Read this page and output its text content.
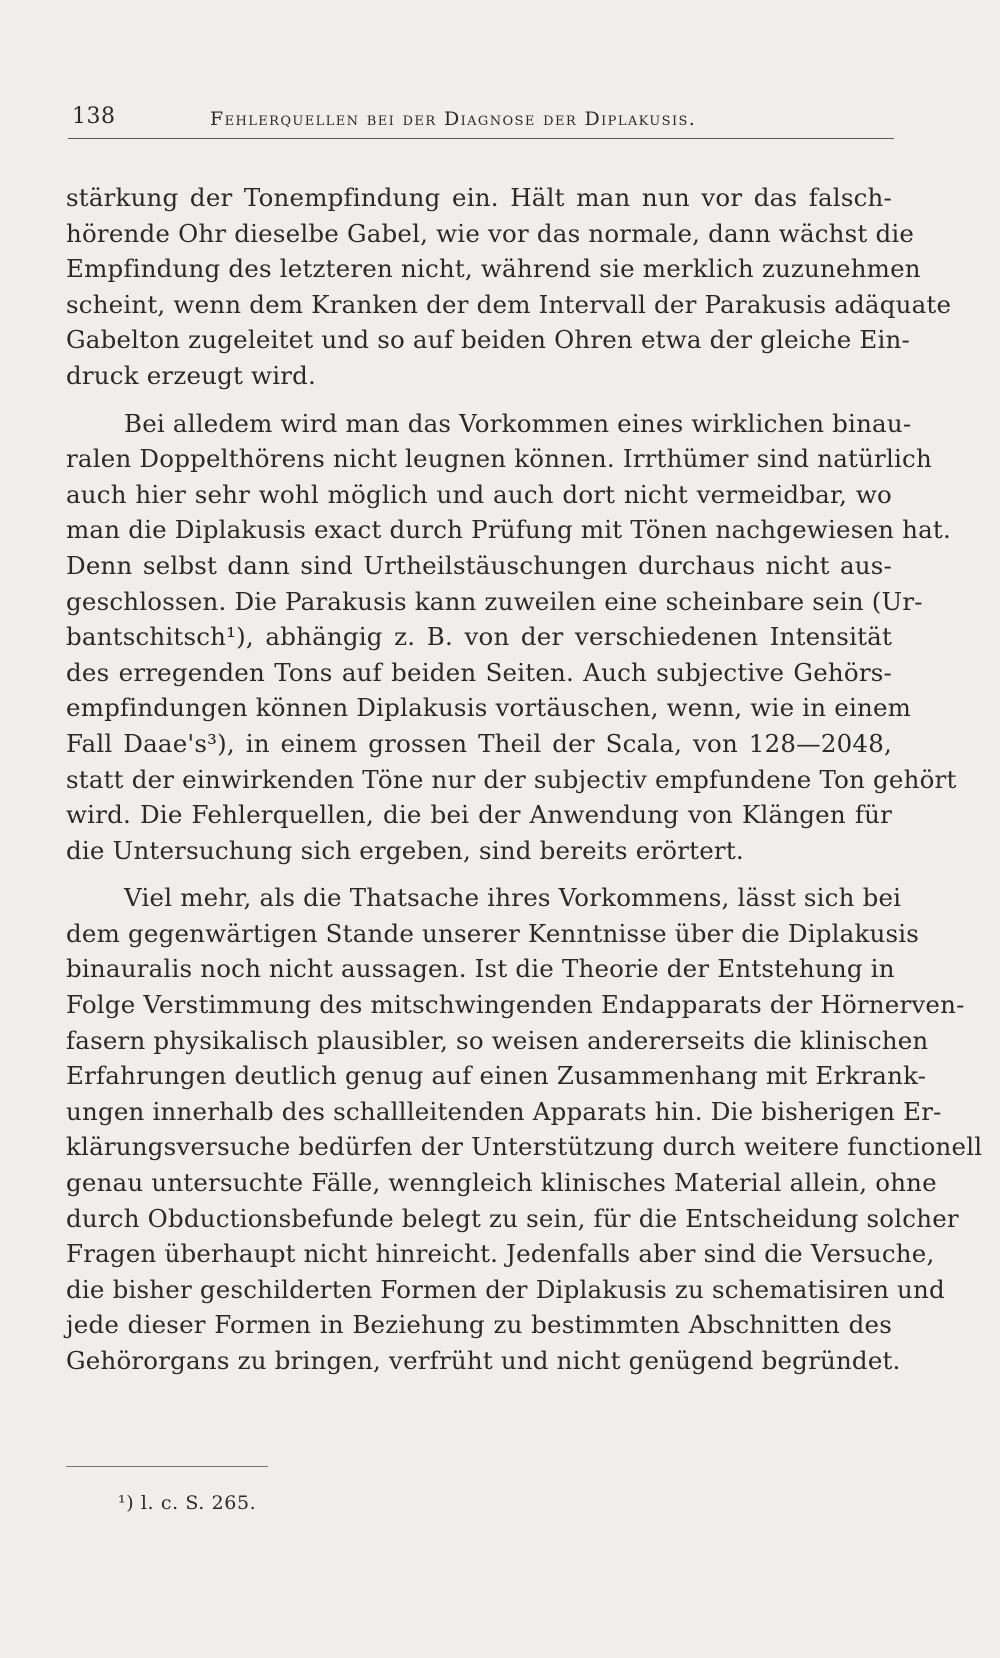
138	Fehlerquellen bei der Diagnose der Diplakusis.
stärkung der Tonempfindung ein. Hält man nun vor das falsch-
hörende Ohr dieselbe Gabel, wie vor das normale, dann wächst die
Empfindung des letzteren nicht, während sie merklich zuzunehmen
scheint, wenn dem Kranken der dem Intervall der Parakusis adäquate
Gabelton zugeleitet und so auf beiden Ohren etwa der gleiche Ein-
druck erzeugt wird.
Bei alledem wird man das Vorkommen eines wirklichen binau-
ralen Doppelthörens nicht leugnen können. Irrthümer sind natürlich
auch hier sehr wohl möglich und auch dort nicht vermeidbar, wo
man die Diplakusis exact durch Prüfung mit Tönen nachgewiesen hat.
Denn selbst dann sind Urtheilstäuschungen durchaus nicht aus-
geschlossen. Die Parakusis kann zuweilen eine scheinbare sein (Ur-
bantschitsch¹), abhängig z. B. von der verschiedenen Intensität
des erregenden Tons auf beiden Seiten. Auch subjective Gehörs-
empfindungen können Diplakusis vortäuschen, wenn, wie in einem
Fall Daae's³), in einem grossen Theil der Scala, von 128—2048,
statt der einwirkenden Töne nur der subjectiv empfundene Ton gehört
wird. Die Fehlerquellen, die bei der Anwendung von Klängen für
die Untersuchung sich ergeben, sind bereits erörtert.
Viel mehr, als die Thatsache ihres Vorkommens, lässt sich bei
dem gegenwärtigen Stande unserer Kenntnisse über die Diplakusis
binauralis noch nicht aussagen. Ist die Theorie der Entstehung in
Folge Verstimmung des mitschwingenden Endapparats der Hörnerven-
fasern physikalisch plausibler, so weisen andererseits die klinischen
Erfahrungen deutlich genug auf einen Zusammenhang mit Erkrank-
ungen innerhalb des schallleitenden Apparats hin. Die bisherigen Er-
klärungsversuche bedürfen der Unterstützung durch weitere functionell
genau untersuchte Fälle, wenngleich klinisches Material allein, ohne
durch Obductionsbefunde belegt zu sein, für die Entscheidung solcher
Fragen überhaupt nicht hinreicht. Jedenfalls aber sind die Versuche,
die bisher geschilderten Formen der Diplakusis zu schematisiren und
jede dieser Formen in Beziehung zu bestimmten Abschnitten des
Gehörorgans zu bringen, verfrüht und nicht genügend begründet.
¹) l. c. S. 265.
